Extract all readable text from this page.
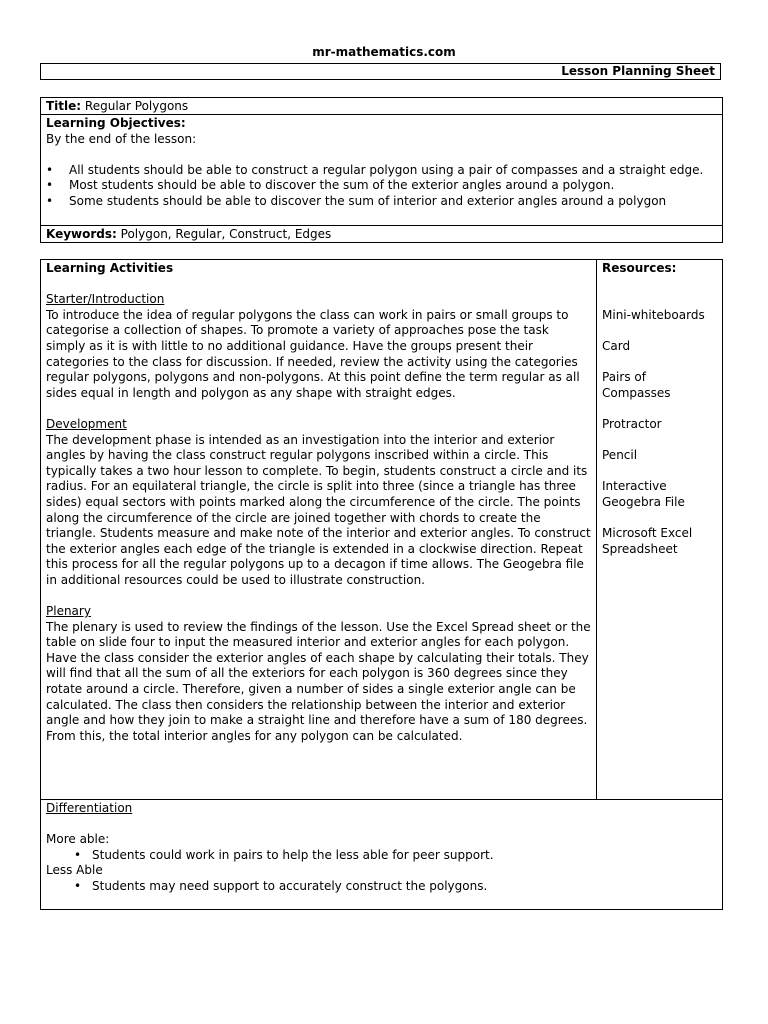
mr-mathematics.com
Lesson Planning Sheet

Title: Regular Polygons

Learning Objectives:

By the end of the lesson:

• All students should be able to construct a regular polygon using a pair of compasses and a straight edge.
• Most students should be able to discover the sum of the exterior angles around a polygon.
• Some students should be able to discover the sum of interior and exterior angles around a polygon

Keywords: Polygon, Regular, Construct, Edges

Learning Activities

Starter/Introduction

To introduce the idea of regular polygons the class can work in pairs or small groups to categorise a collection of shapes. To promote a variety of approaches pose the task simply as it is with little to no additional guidance. Have the groups present their categories to the class for discussion. If needed, review the activity using the categories regular polygons, polygons and non-polygons. At this point define the term regular as all sides equal in length and polygon as any shape with straight edges.

Development

The development phase is intended as an investigation into the interior and exterior angles by having the class construct regular polygons inscribed within a circle. This typically takes a two hour lesson to complete. To begin, students construct a circle and its radius. For an equilateral triangle, the circle is split into three (since a triangle has three sides) equal sectors with points marked along the circumference of the circle. The points along the circumference of the circle are joined together with chords to create the triangle. Students measure and make note of the interior and exterior angles. To construct the exterior angles each edge of the triangle is extended in a clockwise direction. Repeat this process for all the regular polygons up to a decagon if time allows. The Geogebra file in additional resources could be used to illustrate construction.

Plenary

The plenary is used to review the findings of the lesson. Use the Excel Spread sheet or the table on slide four to input the measured interior and exterior angles for each polygon. Have the class consider the exterior angles of each shape by calculating their totals. They will find that all the sum of all the exteriors for each polygon is 360 degrees since they rotate around a circle. Therefore, given a number of sides a single exterior angle can be calculated. The class then considers the relationship between the interior and exterior angle and how they join to make a straight line and therefore have a sum of 180 degrees. From this, the total interior angles for any polygon can be calculated.

Resources:

Mini-whiteboards

Card

Pairs of Compasses

Protractor

Pencil

Interactive Geogebra File

Microsoft Excel Spreadsheet

Differentiation

More able:

• Students could work in pairs to help the less able for peer support.

Less Able

• Students may need support to accurately construct the polygons.
